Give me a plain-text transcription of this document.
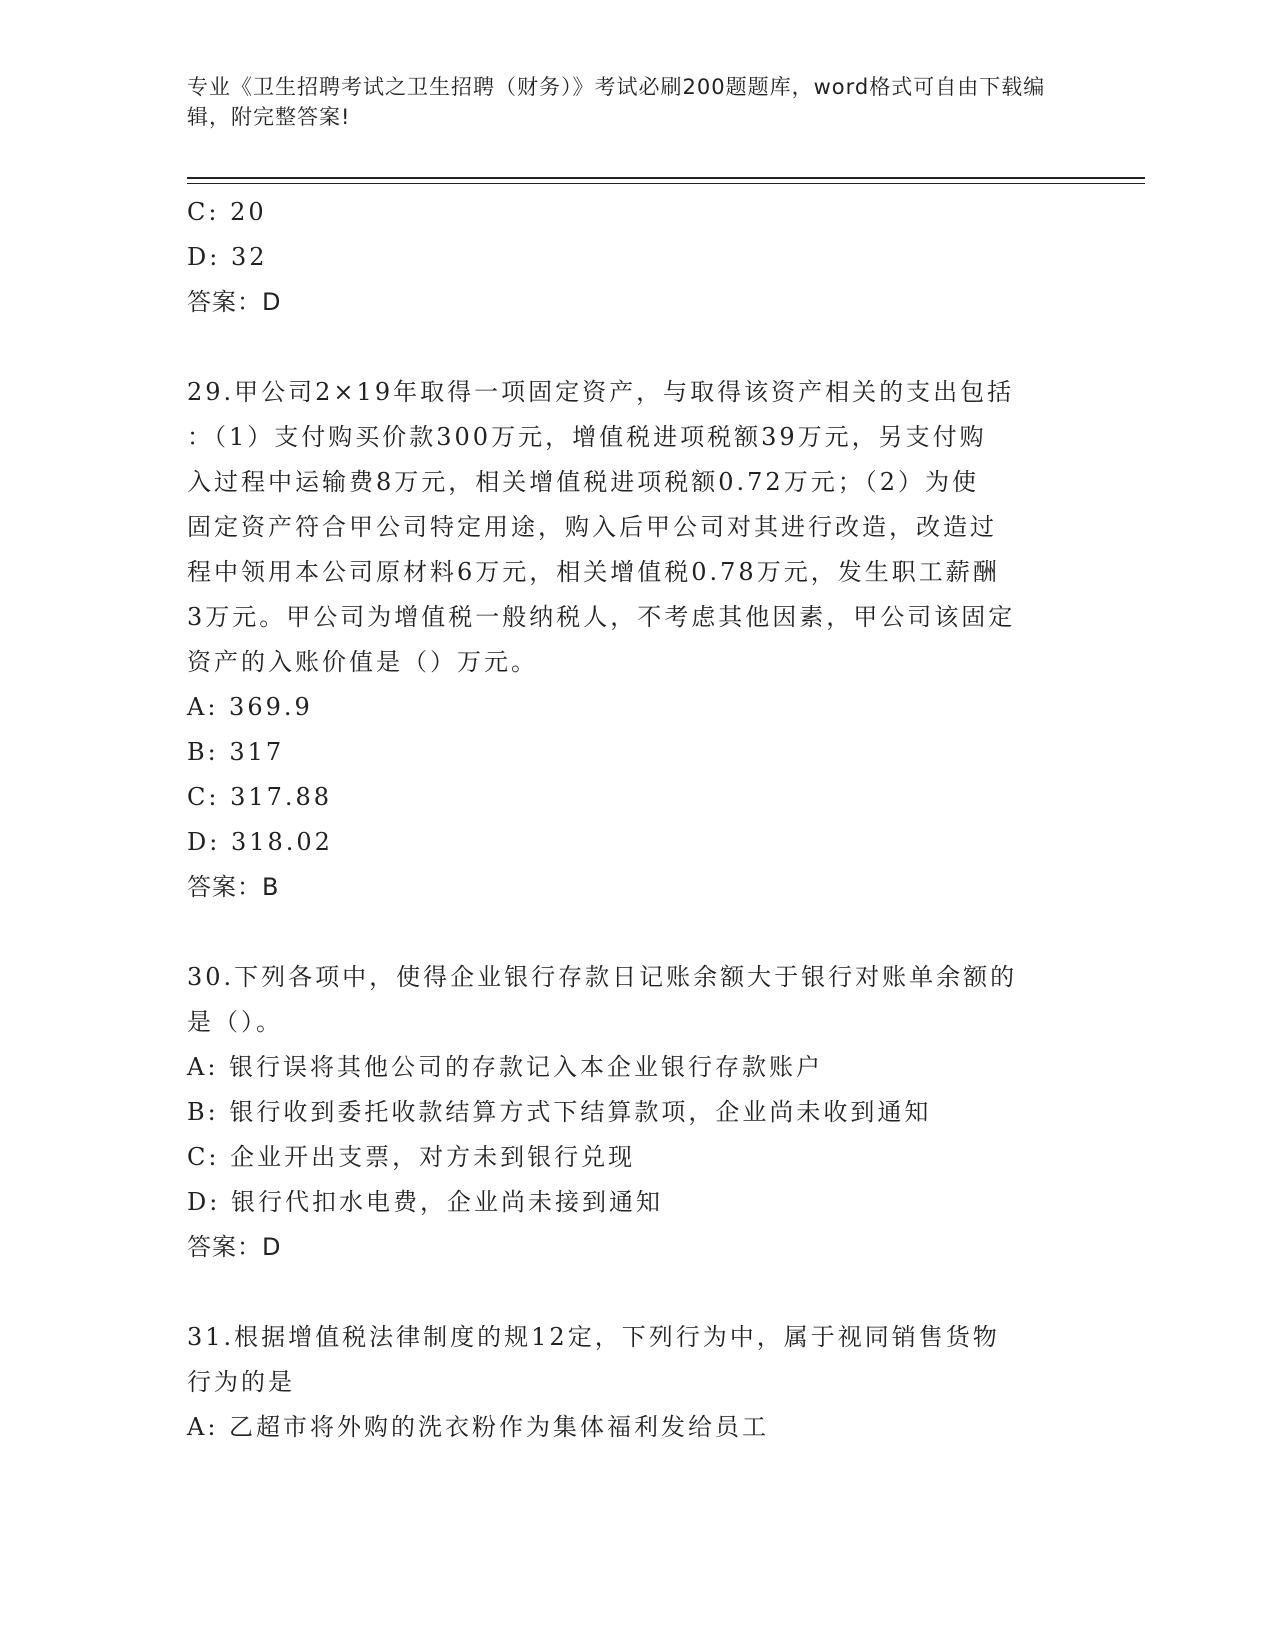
专业《卫生招聘考试之卫生招聘（财务）》考试必刷200题题库，word格式可自由下载编辑，附完整答案!
C: 20
D: 32
答案：D
29.甲公司2×19年取得一项固定资产，与取得该资产相关的支出包括
：（1）支付购买价款300万元，增值税进项税额39万元，另支付购
入过程中运输费8万元，相关增值税进项税额0.72万元；（2）为使
固定资产符合甲公司特定用途，购入后甲公司对其进行改造，改造过
程中领用本公司原材料6万元，相关增值税0.78万元，发生职工薪酬
3万元。甲公司为增值税一般纳税人，不考虑其他因素，甲公司该固定
资产的入账价值是（）万元。
A: 369.9
B: 317
C: 317.88
D: 318.02
答案：B
30.下列各项中，使得企业银行存款日记账余额大于银行对账单余额的
是（）。
A: 银行误将其他公司的存款记入本企业银行存款账户
B: 银行收到委托收款结算方式下结算款项，企业尚未收到通知
C: 企业开出支票，对方未到银行兑现
D: 银行代扣水电费，企业尚未接到通知
答案：D
31.根据增值税法律制度的规12定，下列行为中，属于视同销售货物
行为的是
A: 乙超市将外购的洗衣粉作为集体福利发给员工
